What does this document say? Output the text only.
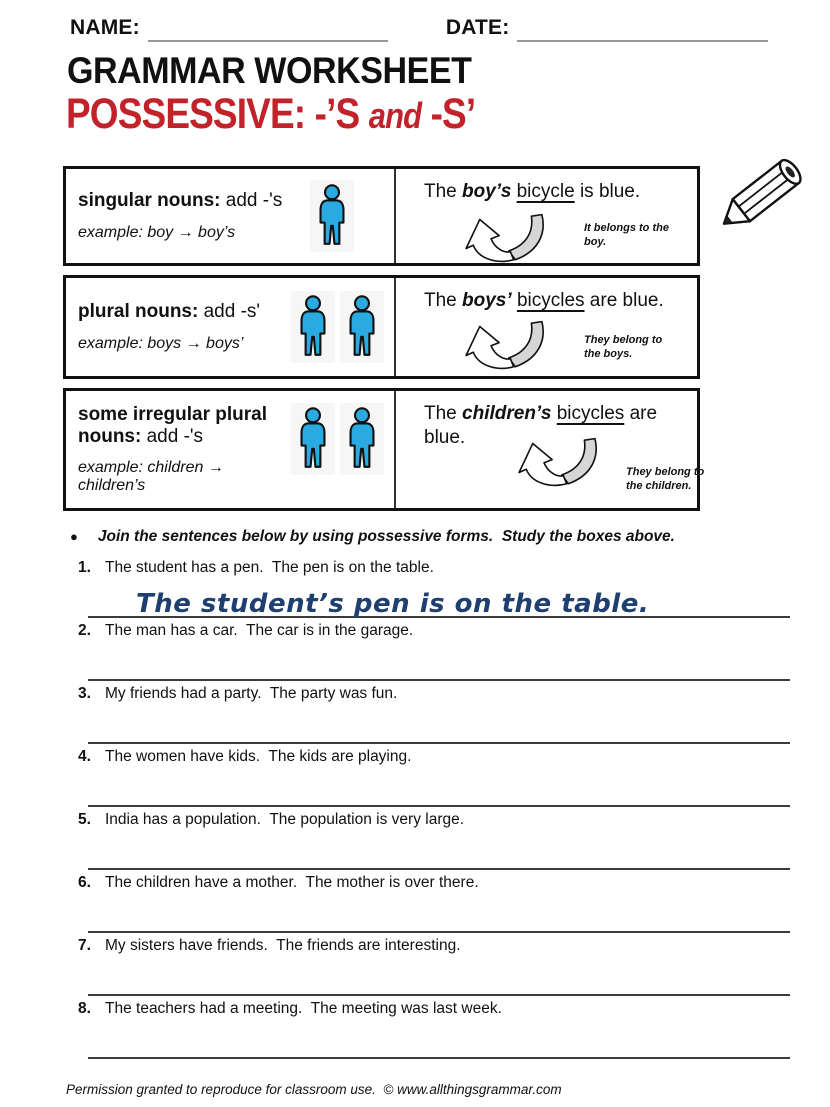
NAME:	DATE:
GRAMMAR WORKSHEET
POSSESSIVE: -’S and -S’
singular nouns: add -'s
example: boy → boy’s
The boy’s bicycle is blue.
It belongs to the boy.
plural nouns: add -s'
example: boys → boys’
The boys’ bicycles are blue.
They belong to the boys.
some irregular plural nouns: add -'s
example: children → children’s
The children’s bicycles are blue.
They belong to the children.
● Join the sentences below by using possessive forms.  Study the boxes above.
1. The student has a pen.  The pen is on the table.
The student’s pen is on the table.
2. The man has a car.  The car is in the garage.
3. My friends had a party.  The party was fun.
4. The women have kids.  The kids are playing.
5. India has a population.  The population is very large.
6. The children have a mother.  The mother is over there.
7. My sisters have friends.  The friends are interesting.
8. The teachers had a meeting.  The meeting was last week.
Permission granted to reproduce for classroom use.  © www.allthingsgrammar.com
